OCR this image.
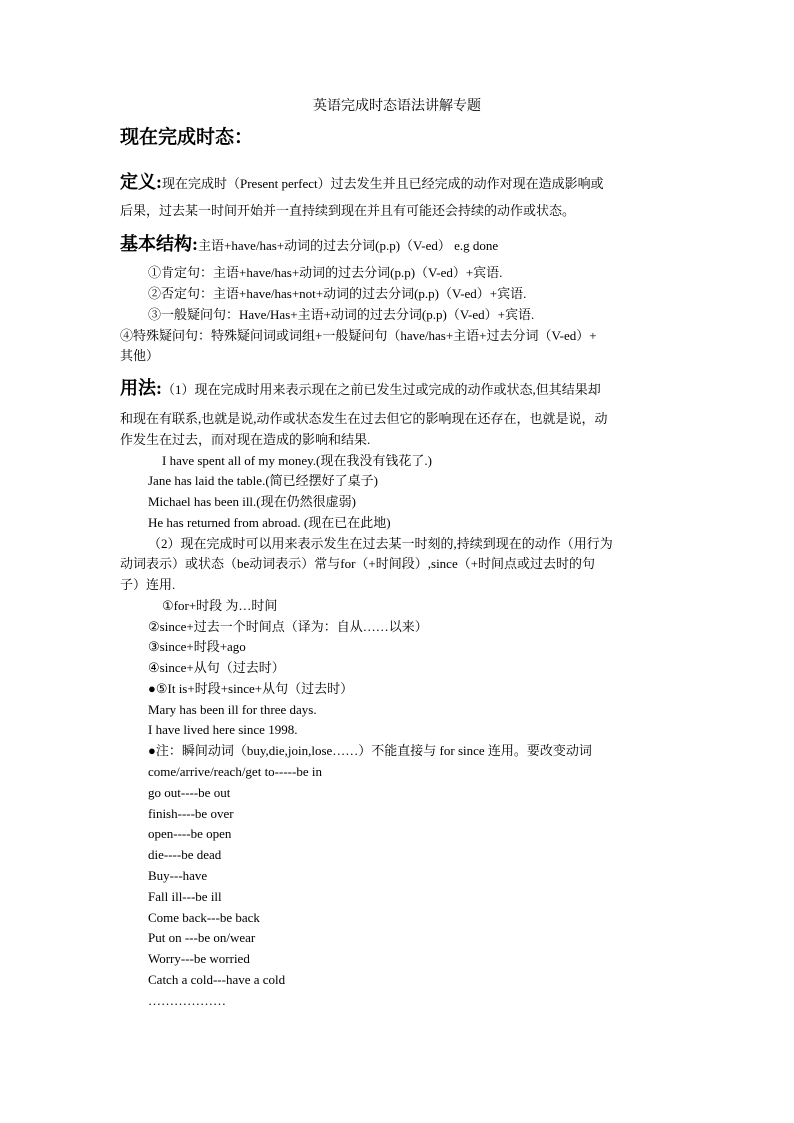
英语完成时态语法讲解专题
现在完成时态：
定义:现在完成时（Present perfect）过去发生并且已经完成的动作对现在造成影响或
后果，过去某一时间开始并一直持续到现在并且有可能还会持续的动作或状态。
基本结构:主语+have/has+动词的过去分词(p.p)（V-ed） e.g done
①肯定句：主语+have/has+动词的过去分词(p.p)（V-ed）+宾语.
②否定句：主语+have/has+not+动词的过去分词(p.p)（V-ed）+宾语.
③一般疑问句：Have/Has+主语+动词的过去分词(p.p)（V-ed）+宾语.
④特殊疑问句：特殊疑问词或词组+一般疑问句（have/has+主语+过去分词（V-ed）+
其他）
用法:（1）现在完成时用来表示现在之前已发生过或完成的动作或状态,但其结果却
和现在有联系,也就是说,动作或状态发生在过去但它的影响现在还存在，也就是说，动
作发生在过去，而对现在造成的影响和结果.
I have spent all of my money.(现在我没有钱花了.)
Jane has laid the table.(简已经摆好了桌子)
Michael has been ill.(现在仍然很虚弱)
He has returned from abroad. (现在已在此地)
（2）现在完成时可以用来表示发生在过去某一时刻的,持续到现在的动作（用行为
动词表示）或状态（be动词表示）常与for（+时间段）,since（+时间点或过去时的句
子）连用.
①for+时段 为…时间
②since+过去一个时间点（译为：自从……以来）
③since+时段+ago
④since+从句（过去时）
●⑤It is+时段+since+从句（过去时）
Mary has been ill for three days.
I have lived here since 1998.
●注：瞬间动词（buy,die,join,lose……）不能直接与 for since 连用。要改变动词
come/arrive/reach/get to-----be in
go out----be out
finish----be over
open----be open
die----be dead
Buy---have
Fall ill---be ill
Come back---be back
Put on ---be on/wear
Worry---be worried
Catch a cold---have a cold
………………
